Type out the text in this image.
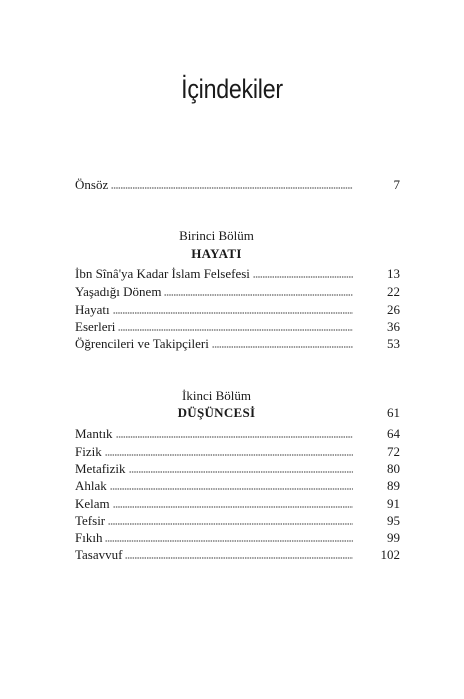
İçindekiler
Önsöz	7
Birinci Bölüm
HAYATI
İbn Sînâ'ya Kadar İslam Felsefesi	13
Yaşadığı Dönem	22
Hayatı	26
Eserleri	36
Öğrencileri ve Takipçileri	53
İkinci Bölüm
DÜŞÜNCESİ	61
Mantık	64
Fizik	72
Metafizik	80
Ahlak	89
Kelam	91
Tefsir	95
Fıkıh	99
Tasavvuf	102
